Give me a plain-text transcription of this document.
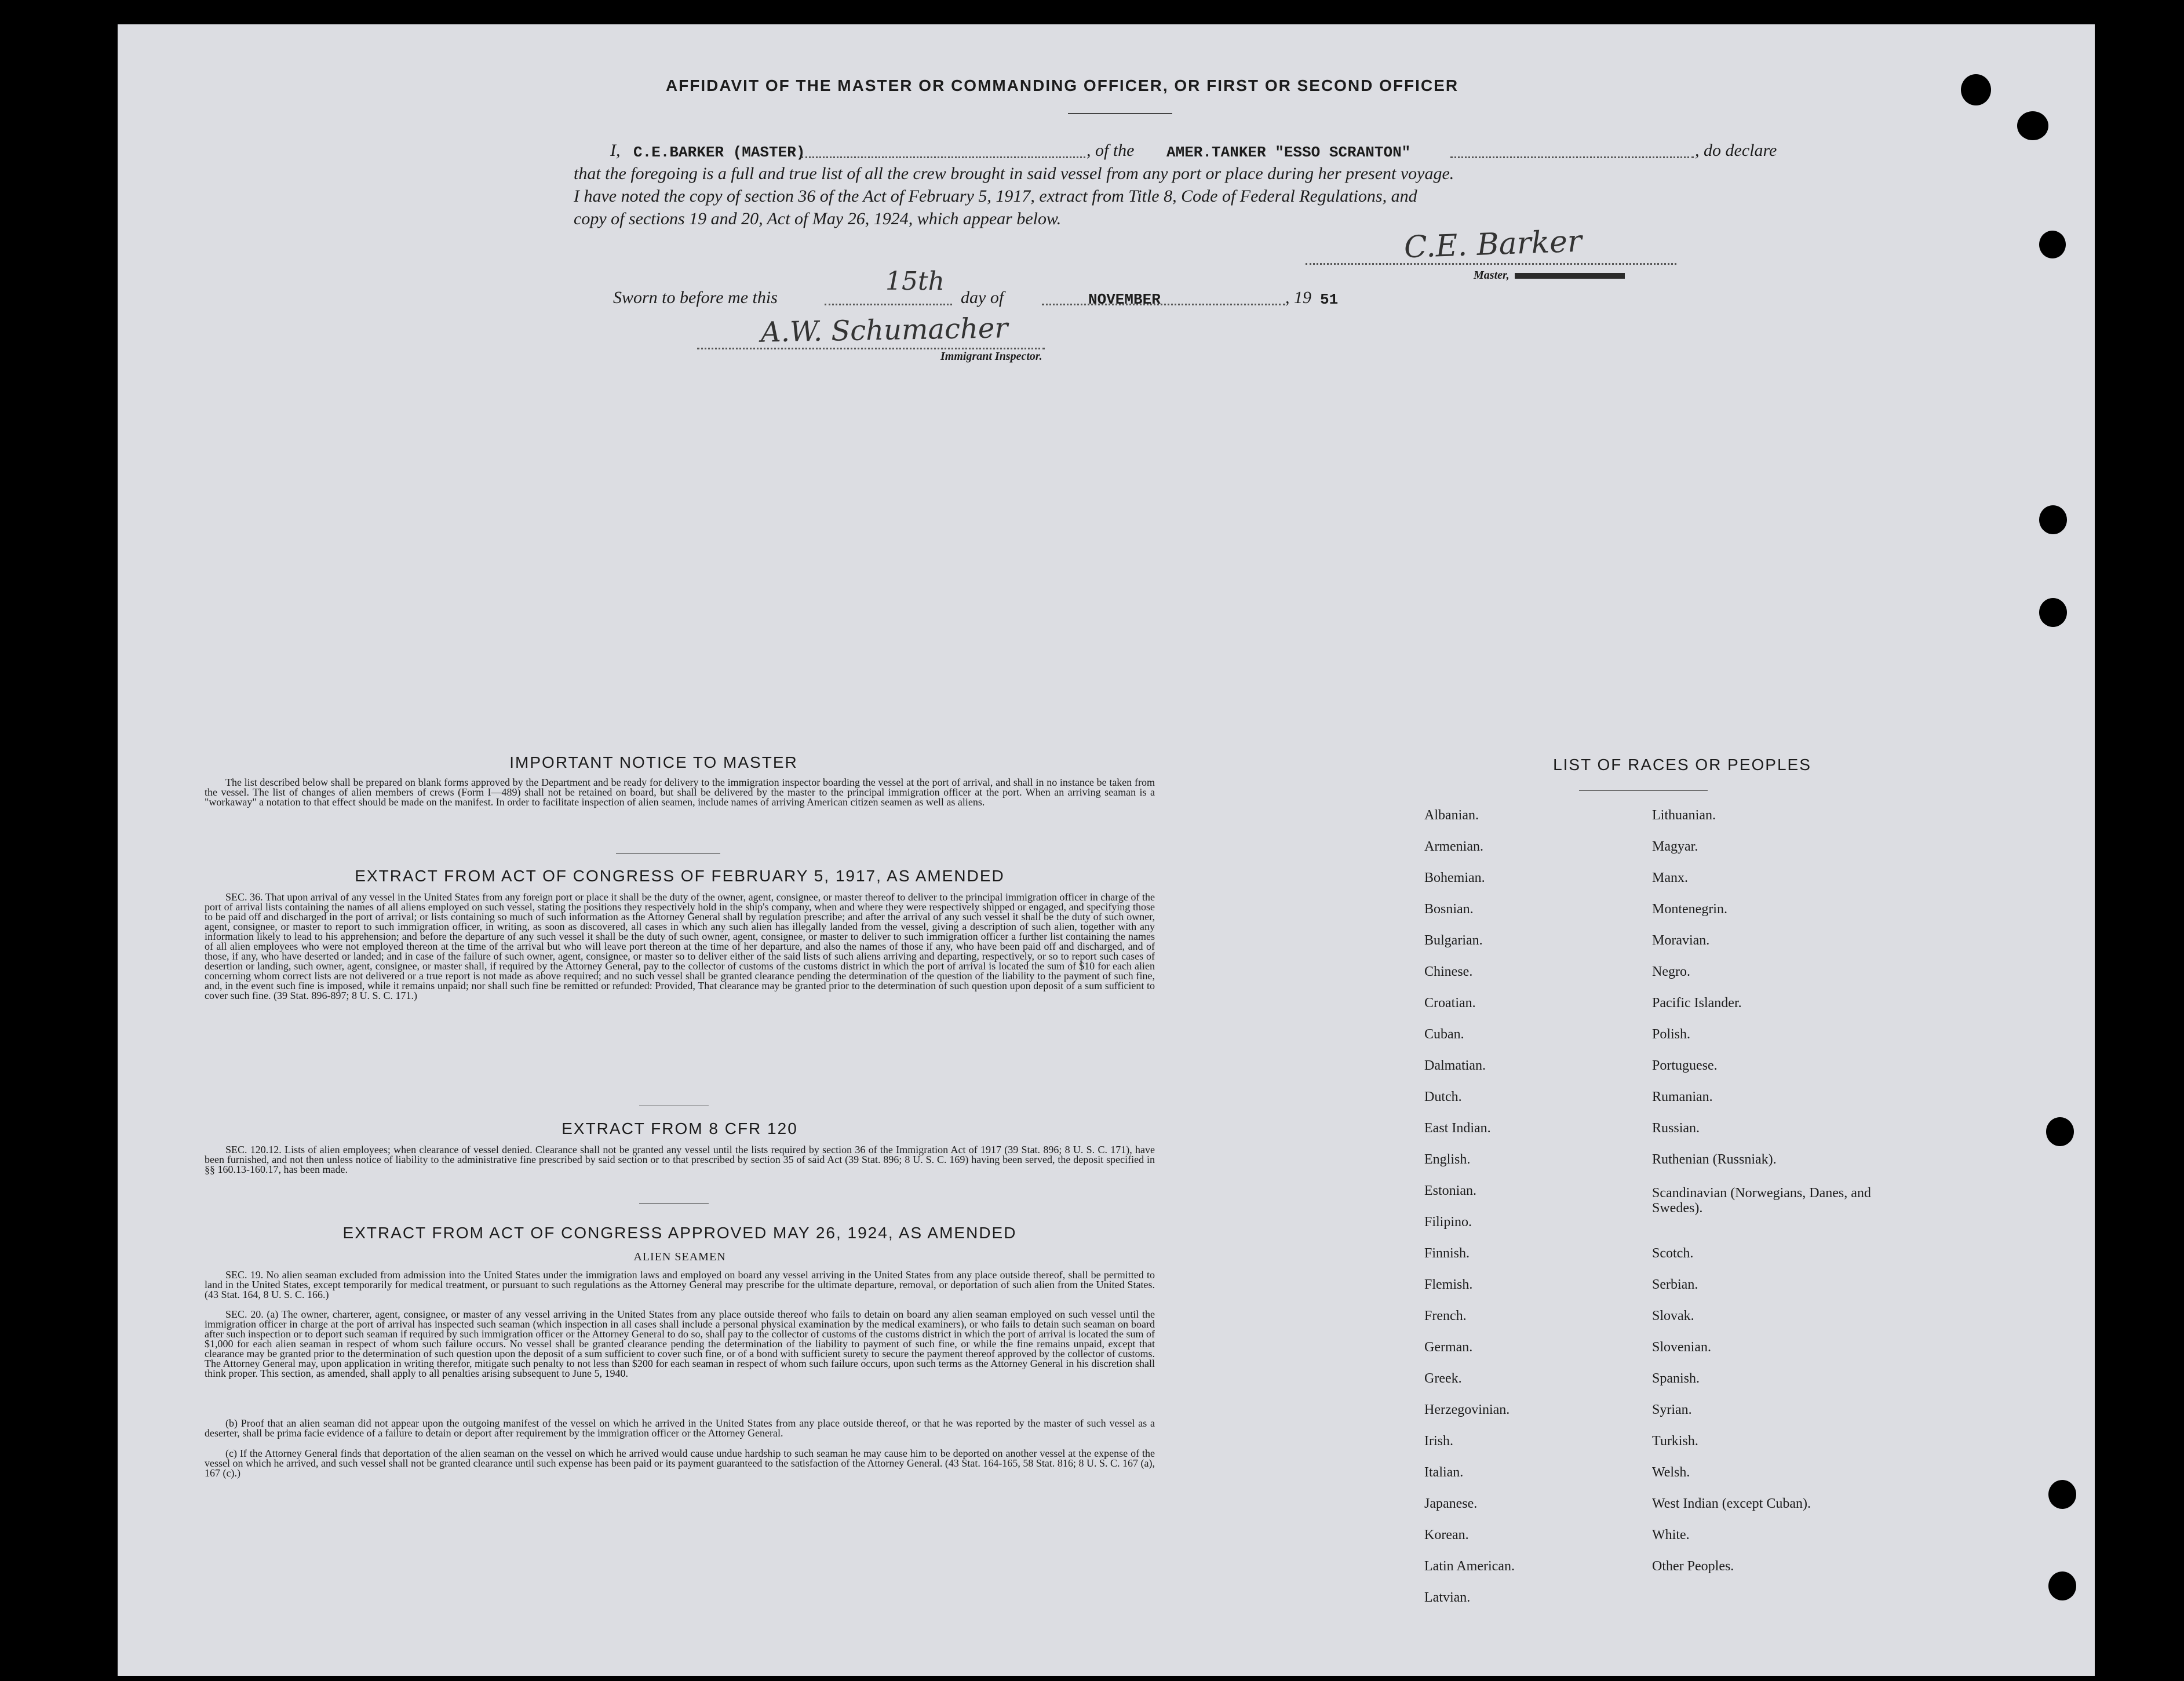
AFFIDAVIT OF THE MASTER OR COMMANDING OFFICER, OR FIRST OR SECOND OFFICER
I, C.E.BARKER (MASTER)	, of the AMER.TANKER "ESSO SCRANTON"	, do declare
that the foregoing is a full and true list of all the crew brought in said vessel from any port or place during her present voyage.
I have noted the copy of section 36 of the Act of February 5, 1917, extract from Title 8, Code of Federal Regulations, and
copy of sections 19 and 20, Act of May 26, 1924, which appear below.
C.E. Barker
Master,
Sworn to before me this
15th
day of	NOVEMBER	, 19 51
A.W. Schumacher
Immigrant Inspector.
IMPORTANT NOTICE TO MASTER
The list described below shall be prepared on blank forms approved by the Department and be ready for delivery to the immigration inspector boarding the vessel at the port of arrival, and shall in no instance be taken from the vessel. The list of changes of alien members of crews (Form I—489) shall not be retained on board, but shall be delivered by the master to the principal immigration officer at the port. When an arriving seaman is a "workaway" a notation to that effect should be made on the manifest. In order to facilitate inspection of alien seamen, include names of arriving American citizen seamen as well as aliens.
EXTRACT FROM ACT OF CONGRESS OF FEBRUARY 5, 1917, AS AMENDED
SEC. 36. That upon arrival of any vessel in the United States from any foreign port or place it shall be the duty of the owner, agent, consignee, or master thereof to deliver to the principal immigration officer in charge of the port of arrival lists containing the names of all aliens employed on such vessel, stating the positions they respectively hold in the ship's company, when and where they were respectively shipped or engaged, and specifying those to be paid off and discharged in the port of arrival; or lists containing so much of such information as the Attorney General shall by regulation prescribe; and after the arrival of any such vessel it shall be the duty of such owner, agent, consignee, or master to report to such immigration officer, in writing, as soon as discovered, all cases in which any such alien has illegally landed from the vessel, giving a description of such alien, together with any information likely to lead to his apprehension; and before the departure of any such vessel it shall be the duty of such owner, agent, consignee, or master to deliver to such immigration officer a further list containing the names of all alien employees who were not employed thereon at the time of the arrival but who will leave port thereon at the time of her departure, and also the names of those if any, who have been paid off and discharged, and of those, if any, who have deserted or landed; and in case of the failure of such owner, agent, consignee, or master so to deliver either of the said lists of such aliens arriving and departing, respectively, or so to report such cases of desertion or landing, such owner, agent, consignee, or master shall, if required by the Attorney General, pay to the collector of customs of the customs district in which the port of arrival is located the sum of $10 for each alien concerning whom correct lists are not delivered or a true report is not made as above required; and no such vessel shall be granted clearance pending the determination of the question of the liability to the payment of such fine, and, in the event such fine is imposed, while it remains unpaid; nor shall such fine be remitted or refunded: Provided, That clearance may be granted prior to the determination of such question upon deposit of a sum sufficient to cover such fine. (39 Stat. 896-897; 8 U. S. C. 171.)
EXTRACT FROM 8 CFR 120
SEC. 120.12. Lists of alien employees; when clearance of vessel denied. Clearance shall not be granted any vessel until the lists required by section 36 of the Immigration Act of 1917 (39 Stat. 896; 8 U. S. C. 171), have been furnished, and not then unless notice of liability to the administrative fine prescribed by said section or to that prescribed by section 35 of said Act (39 Stat. 896; 8 U. S. C. 169) having been served, the deposit specified in §§ 160.13-160.17, has been made.
EXTRACT FROM ACT OF CONGRESS APPROVED MAY 26, 1924, AS AMENDED
ALIEN SEAMEN
SEC. 19. No alien seaman excluded from admission into the United States under the immigration laws and employed on board any vessel arriving in the United States from any place outside thereof, shall be permitted to land in the United States, except temporarily for medical treatment, or pursuant to such regulations as the Attorney General may prescribe for the ultimate departure, removal, or deportation of such alien from the United States. (43 Stat. 164, 8 U. S. C. 166.)
SEC. 20. (a) The owner, charterer, agent, consignee, or master of any vessel arriving in the United States from any place outside thereof who fails to detain on board any alien seaman employed on such vessel until the immigration officer in charge at the port of arrival has inspected such seaman (which inspection in all cases shall include a personal physical examination by the medical examiners), or who fails to detain such seaman on board after such inspection or to deport such seaman if required by such immigration officer or the Attorney General to do so, shall pay to the collector of customs of the customs district in which the port of arrival is located the sum of $1,000 for each alien seaman in respect of whom such failure occurs. No vessel shall be granted clearance pending the determination of the liability to payment of such fine, or while the fine remains unpaid, except that clearance may be granted prior to the determination of such question upon the deposit of a sum sufficient to cover such fine, or of a bond with sufficient surety to secure the payment thereof approved by the collector of customs. The Attorney General may, upon application in writing therefor, mitigate such penalty to not less than $200 for each seaman in respect of whom such failure occurs, upon such terms as the Attorney General in his discretion shall think proper. This section, as amended, shall apply to all penalties arising subsequent to June 5, 1940.
(b) Proof that an alien seaman did not appear upon the outgoing manifest of the vessel on which he arrived in the United States from any place outside thereof, or that he was reported by the master of such vessel as a deserter, shall be prima facie evidence of a failure to detain or deport after requirement by the immigration officer or the Attorney General.
(c) If the Attorney General finds that deportation of the alien seaman on the vessel on which he arrived would cause undue hardship to such seaman he may cause him to be deported on another vessel at the expense of the vessel on which he arrived, and such vessel shall not be granted clearance until such expense has been paid or its payment guaranteed to the satisfaction of the Attorney General. (43 Stat. 164-165, 58 Stat. 816; 8 U. S. C. 167 (a), 167 (c).)
LIST OF RACES OR PEOPLES
Albanian.
Armenian.
Bohemian.
Bosnian.
Bulgarian.
Chinese.
Croatian.
Cuban.
Dalmatian.
Dutch.
East Indian.
English.
Estonian.
Filipino.
Finnish.
Flemish.
French.
German.
Greek.
Herzegovinian.
Irish.
Italian.
Japanese.
Korean.
Latin American.
Latvian.
Lithuanian.
Magyar.
Manx.
Montenegrin.
Moravian.
Negro.
Pacific Islander.
Polish.
Portuguese.
Rumanian.
Russian.
Ruthenian (Russniak).
Scandinavian (Norwegians, Danes, and Swedes).
Scotch.
Serbian.
Slovak.
Slovenian.
Spanish.
Syrian.
Turkish.
Welsh.
West Indian (except Cuban).
White.
Other Peoples.
